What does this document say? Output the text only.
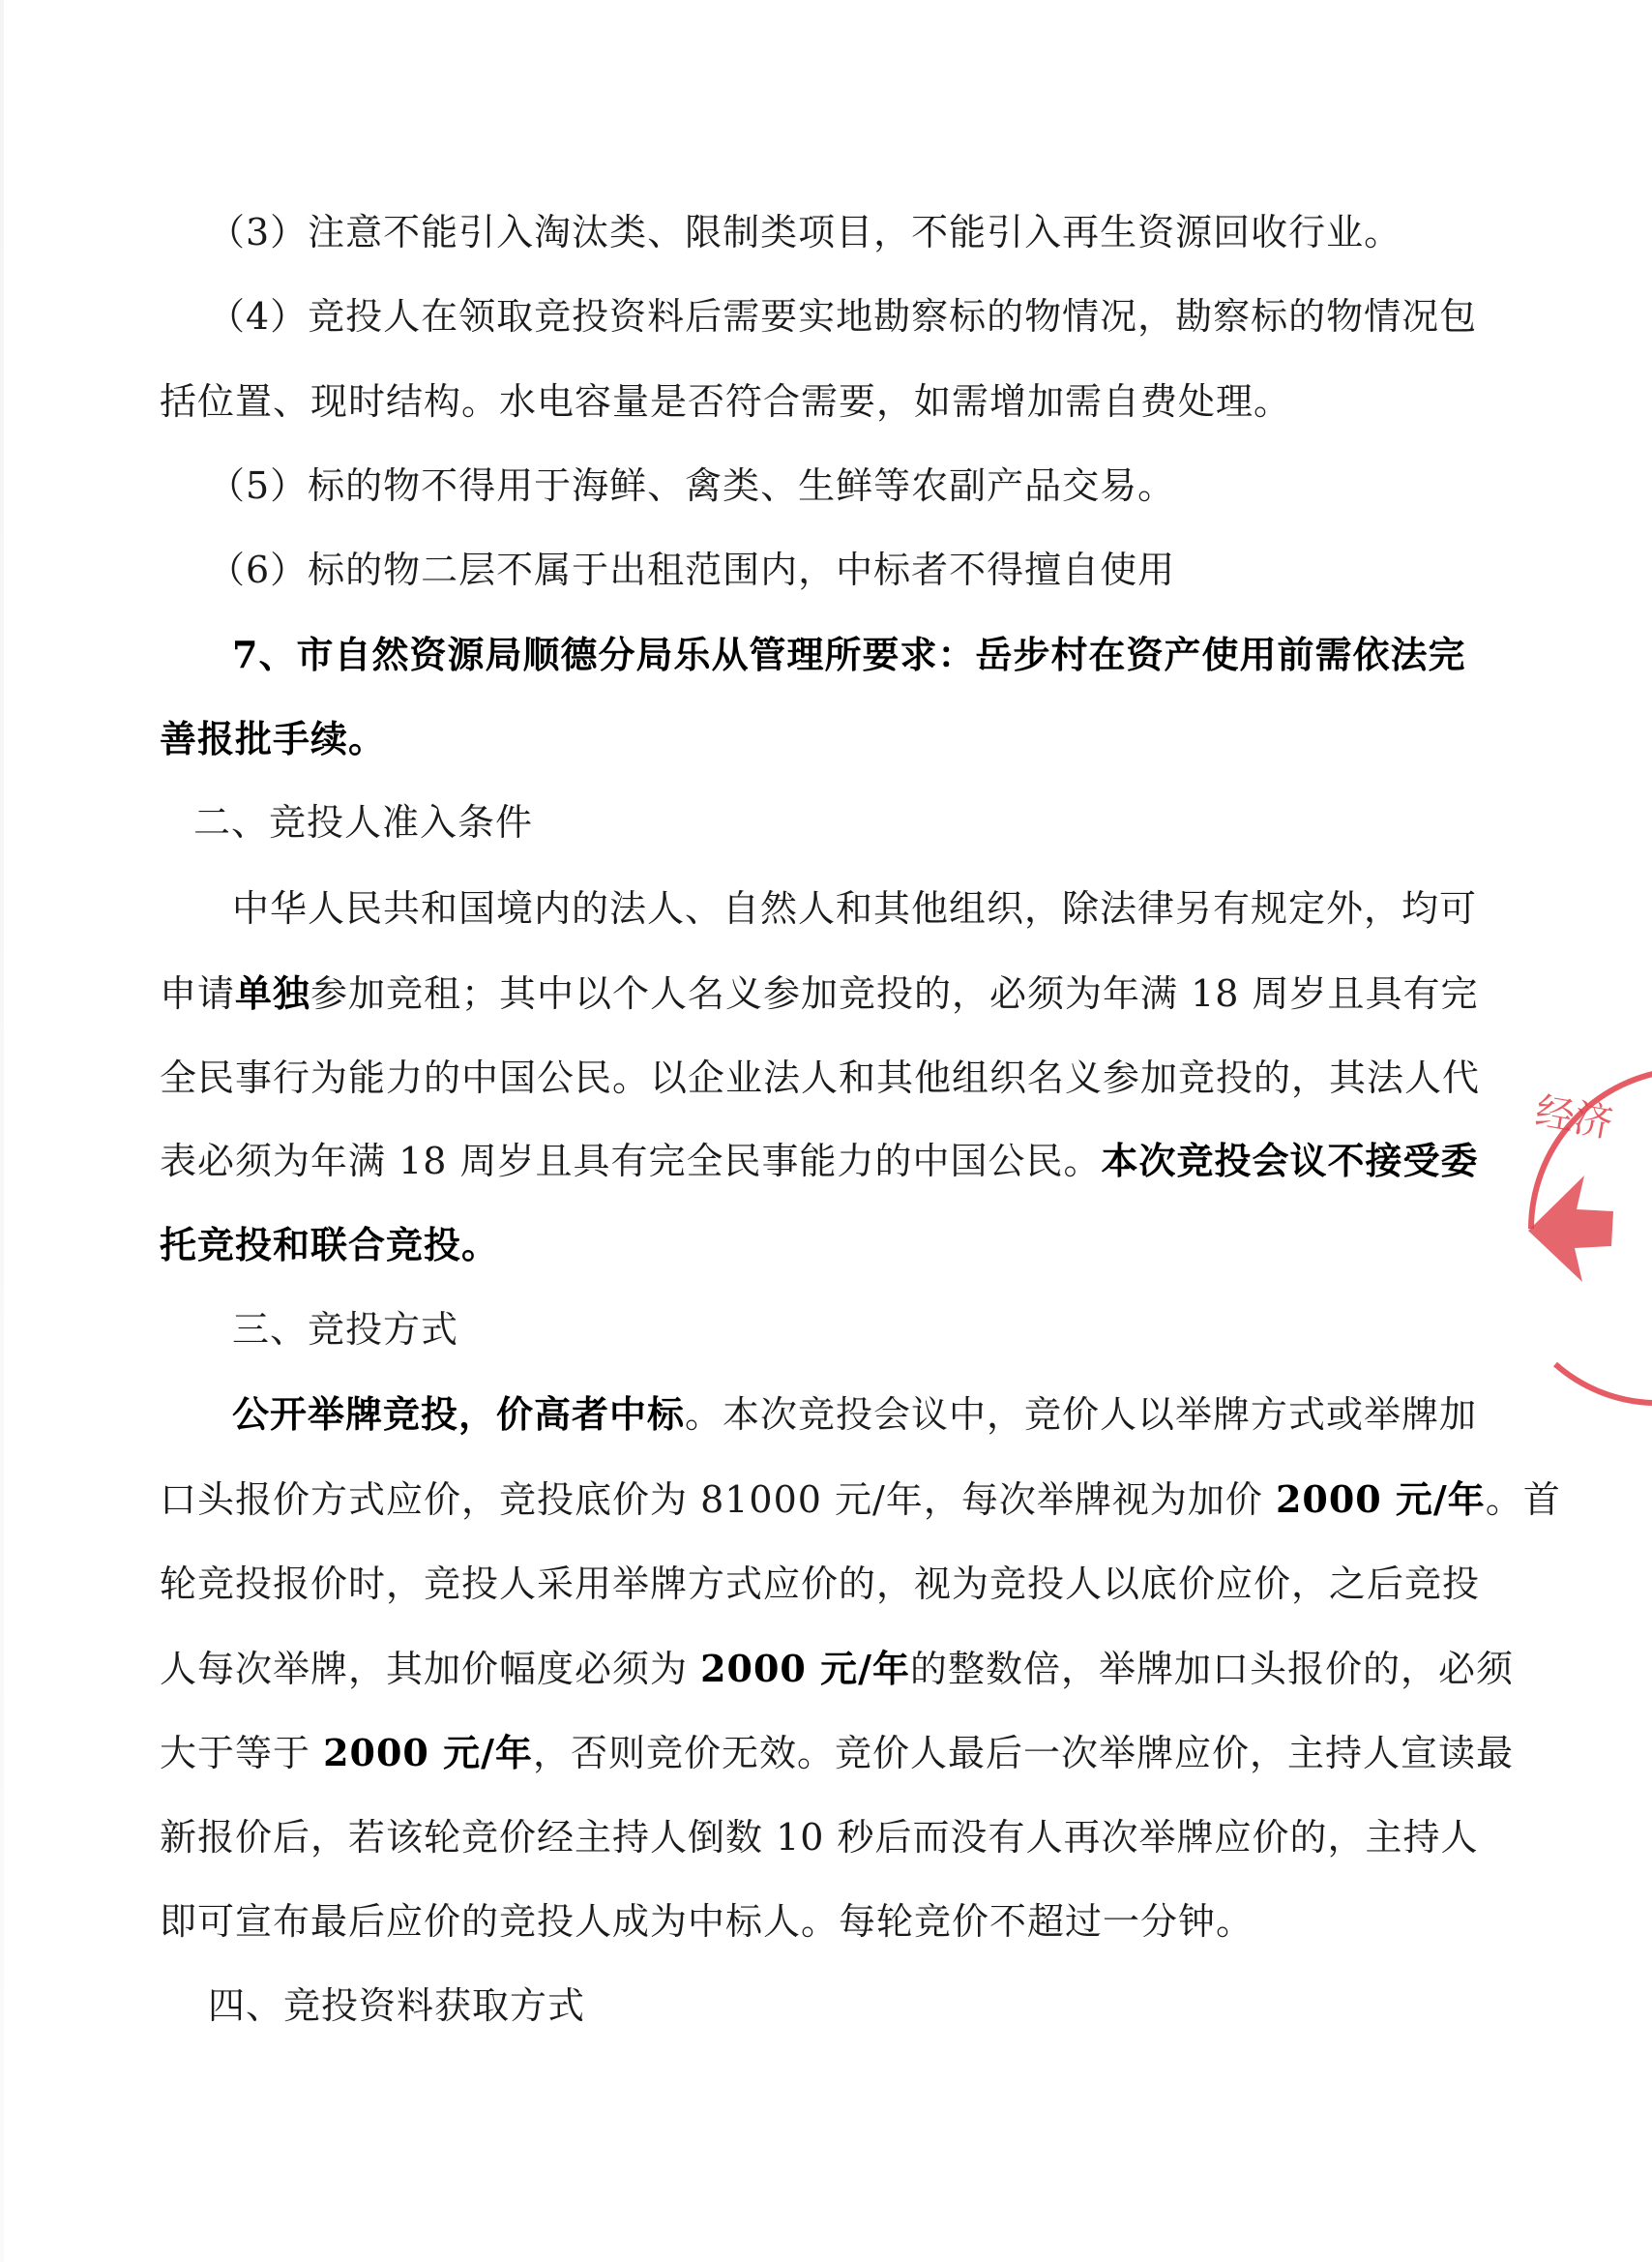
（3）注意不能引入淘汰类、限制类项目，不能引入再生资源回收行业。
（4）竞投人在领取竞投资料后需要实地勘察标的物情况，勘察标的物情况包
括位置、现时结构。水电容量是否符合需要，如需增加需自费处理。
（5）标的物不得用于海鲜、禽类、生鲜等农副产品交易。
（6）标的物二层不属于出租范围内，中标者不得擅自使用
7、市自然资源局顺德分局乐从管理所要求：岳步村在资产使用前需依法完
善报批手续。
二、竞投人准入条件
中华人民共和国境内的法人、自然人和其他组织，除法律另有规定外，均可
申请单独参加竞租；其中以个人名义参加竞投的，必须为年满 18 周岁且具有完
全民事行为能力的中国公民。以企业法人和其他组织名义参加竞投的，其法人代
表必须为年满 18 周岁且具有完全民事能力的中国公民。本次竞投会议不接受委
托竞投和联合竞投。
三、竞投方式
公开举牌竞投，价高者中标。本次竞投会议中，竞价人以举牌方式或举牌加
口头报价方式应价，竞投底价为 81000 元/年，每次举牌视为加价 2000 元/年。首
轮竞投报价时，竞投人采用举牌方式应价的，视为竞投人以底价应价，之后竞投
人每次举牌，其加价幅度必须为 2000 元/年的整数倍，举牌加口头报价的，必须
大于等于 2000 元/年，否则竞价无效。竞价人最后一次举牌应价，主持人宣读最
新报价后，若该轮竞价经主持人倒数 10 秒后而没有人再次举牌应价的，主持人
即可宣布最后应价的竞投人成为中标人。每轮竞价不超过一分钟。
四、竞投资料获取方式
经济
